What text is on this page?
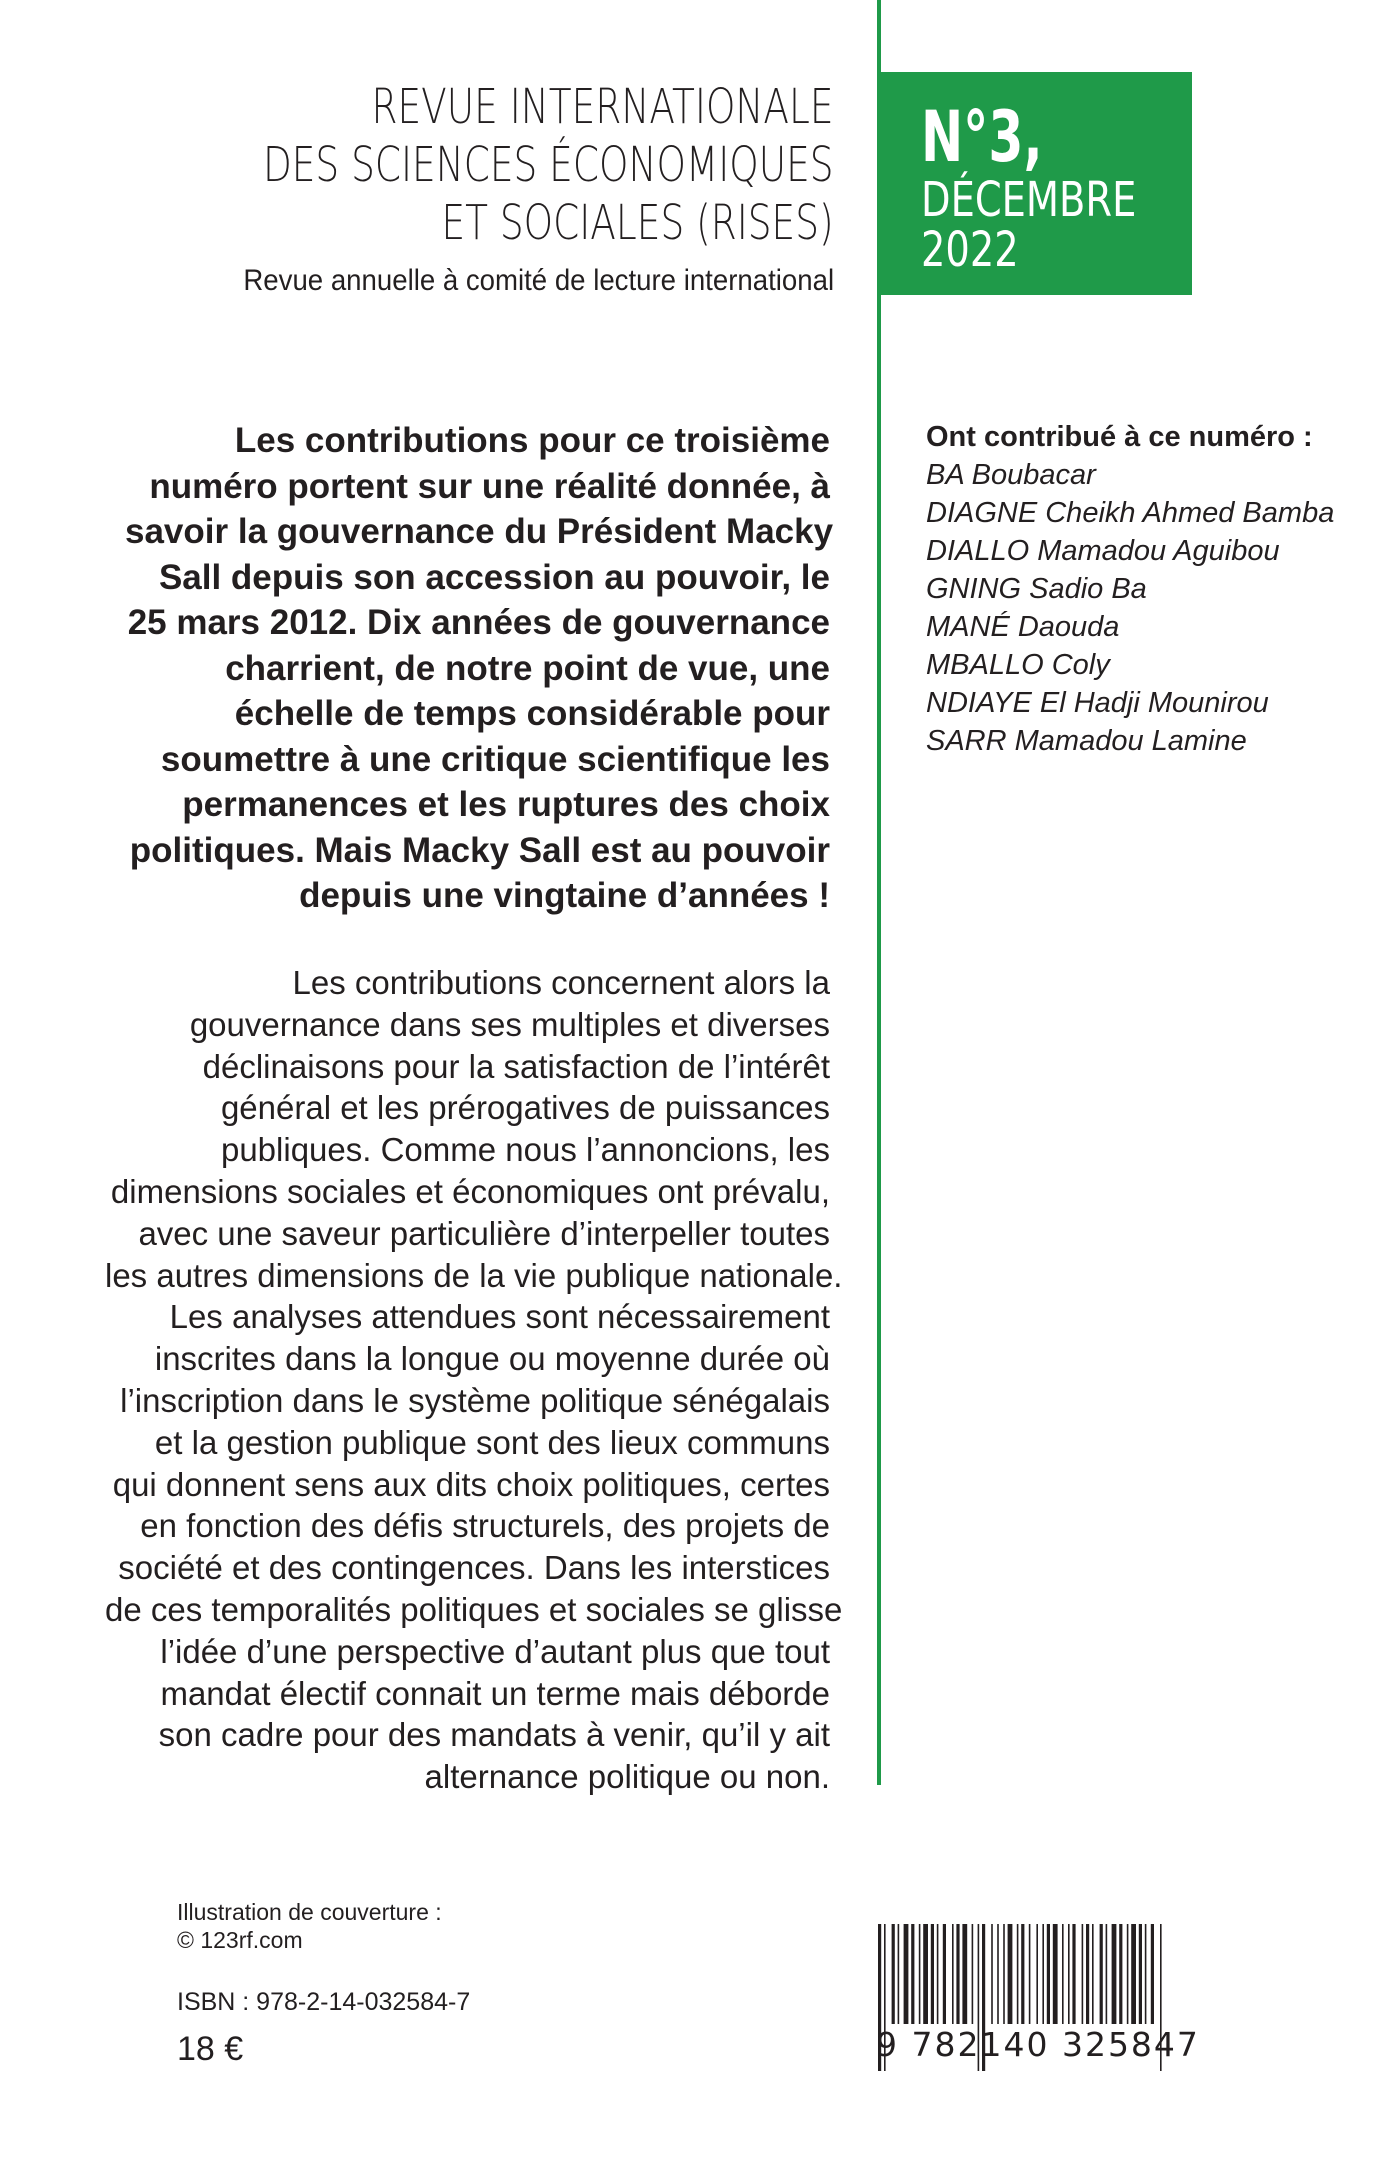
REVUE INTERNATIONALE
DES SCIENCES ÉCONOMIQUES
ET SOCIALES (RISES)
Revue annuelle à comité de lecture international
N°3,
DÉCEMBRE
2022
Les contributions pour ce troisième
numéro portent sur une réalité donnée, à
savoir la gouvernance du Président Macky
Sall depuis son accession au pouvoir, le
25 mars 2012. Dix années de gouvernance
charrient, de notre point de vue, une
échelle de temps considérable pour
soumettre à une critique scientifique les
permanences et les ruptures des choix
politiques. Mais Macky Sall est au pouvoir
depuis une vingtaine d’années !
Les contributions concernent alors la
gouvernance dans ses multiples et diverses
déclinaisons pour la satisfaction de l’intérêt
général et les prérogatives de puissances
publiques. Comme nous l’annoncions, les
dimensions sociales et économiques ont prévalu,
avec une saveur particulière d’interpeller toutes
les autres dimensions de la vie publique nationale.
Les analyses attendues sont nécessairement
inscrites dans la longue ou moyenne durée où
l’inscription dans le système politique sénégalais
et la gestion publique sont des lieux communs
qui donnent sens aux dits choix politiques, certes
en fonction des défis structurels, des projets de
société et des contingences. Dans les interstices
de ces temporalités politiques et sociales se glisse
l’idée d’une perspective d’autant plus que tout
mandat électif connait un terme mais déborde
son cadre pour des mandats à venir, qu’il y ait
alternance politique ou non.
Ont contribué à ce numéro :
BA Boubacar
DIAGNE Cheikh Ahmed Bamba
DIALLO Mamadou Aguibou
GNING Sadio Ba
MANÉ Daouda
MBALLO Coly
NDIAYE El Hadji Mounirou
SARR Mamadou Lamine
Illustration de couverture :
© 123rf.com
ISBN : 978-2-14-032584-7
18 €	9 782140 325847
